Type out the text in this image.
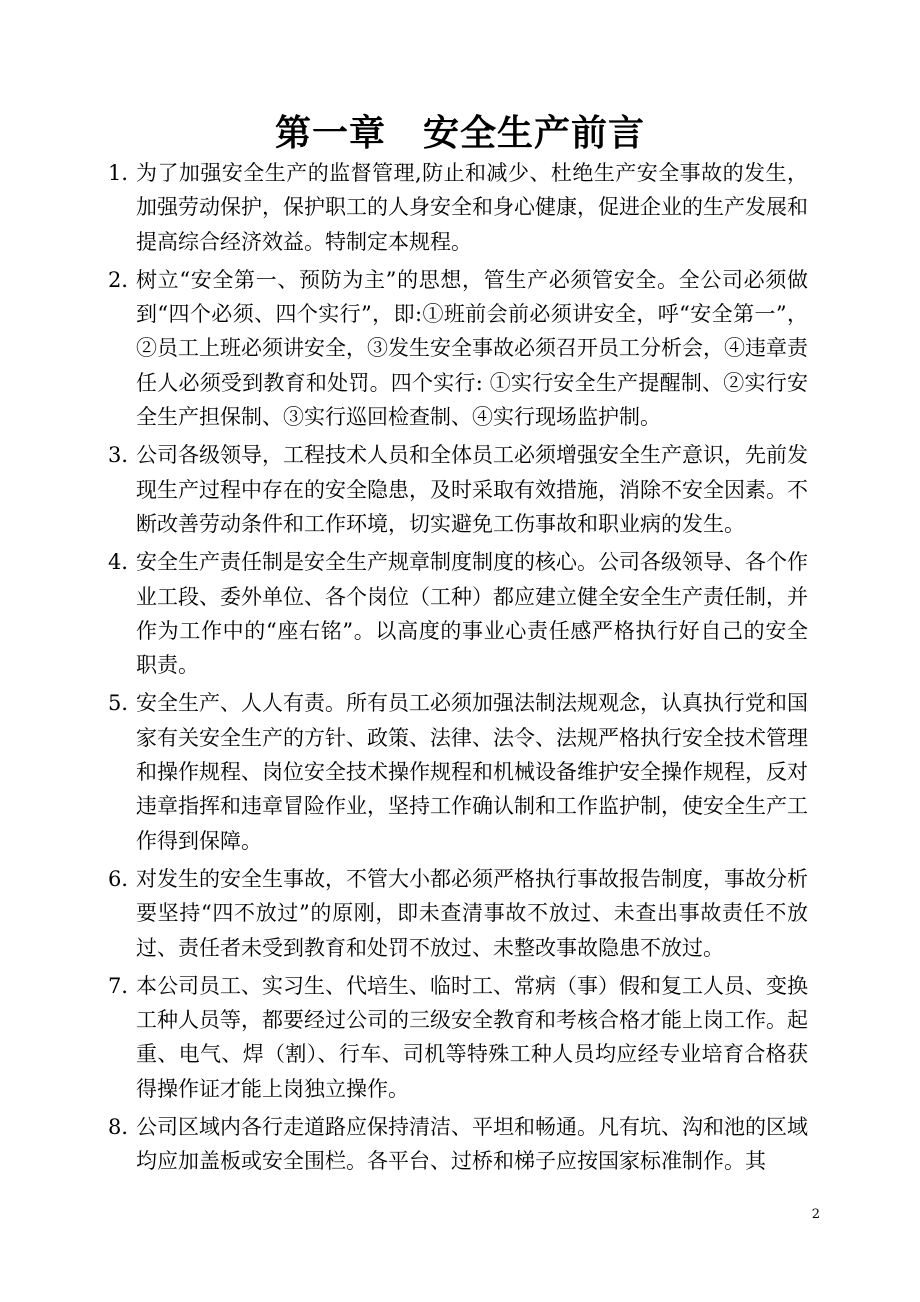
第一章　安全生产前言
1．
为了加强安全生产的监督管理,防止和减少、杜绝生产安全事故的发生，加强劳动保护，保护职工的人身安全和身心健康，促进企业的生产发展和提高综合经济效益。特制定本规程。
2．
树立“安全第一、预防为主”的思想，管生产必须管安全。全公司必须做到“四个必须、四个实行”，即:①班前会前必须讲安全，呼“安全第一”，②员工上班必须讲安全，③发生安全事故必须召开员工分析会，④违章责任人必须受到教育和处罚。四个实行: ①实行安全生产提醒制、②实行安全生产担保制、③实行巡回检查制、④实行现场监护制。
3．
公司各级领导，工程技术人员和全体员工必须增强安全生产意识，先前发现生产过程中存在的安全隐患，及时采取有效措施，消除不安全因素。不断改善劳动条件和工作环境，切实避免工伤事故和职业病的发生。
4．
安全生产责任制是安全生产规章制度制度的核心。公司各级领导、各个作业工段、委外单位、各个岗位（工种）都应建立健全安全生产责任制，并作为工作中的“座右铭”。以高度的事业心责任感严格执行好自己的安全职责。
5．
安全生产、人人有责。所有员工必须加强法制法规观念，认真执行党和国家有关安全生产的方针、政策、法律、法令、法规严格执行安全技术管理和操作规程、岗位安全技术操作规程和机械设备维护安全操作规程，反对违章指挥和违章冒险作业，坚持工作确认制和工作监护制，使安全生产工作得到保障。
6．
对发生的安全生事故，不管大小都必须严格执行事故报告制度，事故分析要坚持“四不放过”的原刚，即未查清事故不放过、未查出事故责任不放过、责任者未受到教育和处罚不放过、未整改事故隐患不放过。
7．
本公司员工、实习生、代培生、临时工、常病（事）假和复工人员、变换工种人员等，都要经过公司的三级安全教育和考核合格才能上岗工作。起重、电气、焊（割）、行车、司机等特殊工种人员均应经专业培育合格获得操作证才能上岗独立操作。
8．
公司区域内各行走道路应保持清洁、平坦和畅通。凡有坑、沟和池的区域均应加盖板或安全围栏。各平台、过桥和梯子应按国家标准制作。其
2
